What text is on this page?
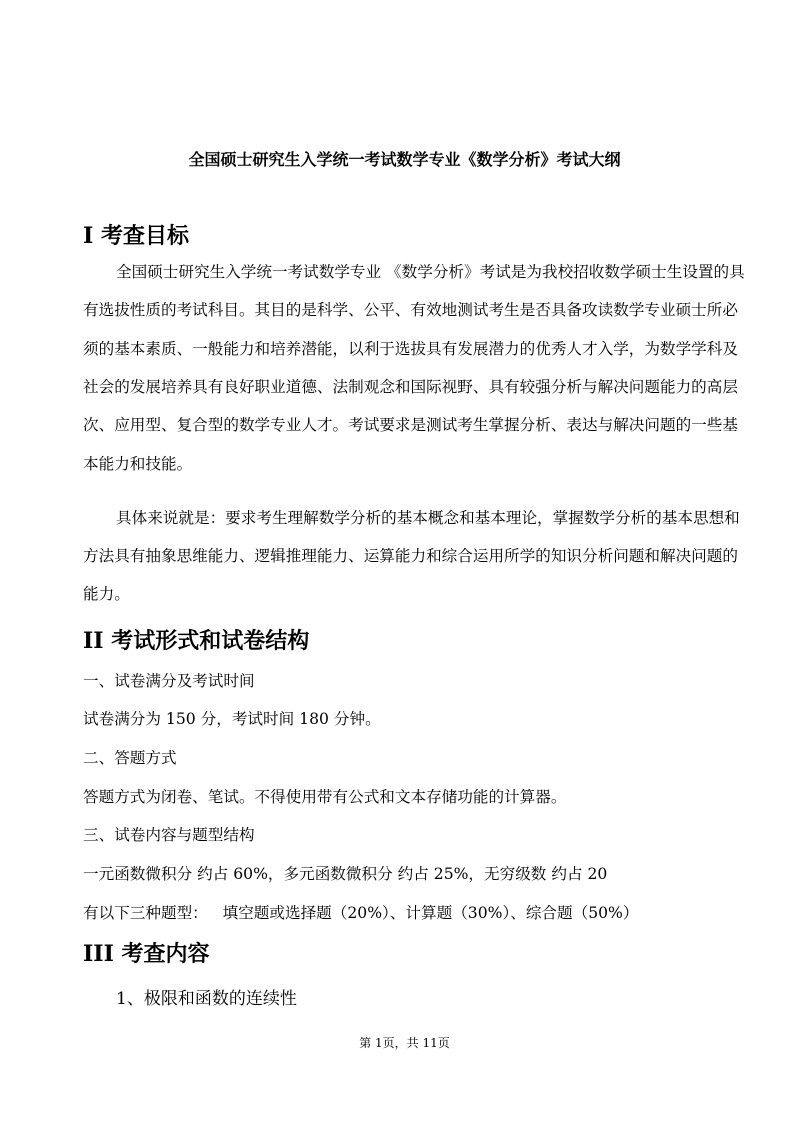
全国硕士研究生入学统一考试数学专业《数学分析》考试大纲
I 考查目标
全国硕士研究生入学统一考试数学专业 《数学分析》考试是为我校招收数学硕士生设置的具
有选拔性质的考试科目。其目的是科学、公平、有效地测试考生是否具备攻读数学专业硕士所必
须的基本素质、一般能力和培养潜能，以利于选拔具有发展潜力的优秀人才入学，为数学学科及
社会的发展培养具有良好职业道德、法制观念和国际视野、具有较强分析与解决问题能力的高层
次、应用型、复合型的数学专业人才。考试要求是测试考生掌握分析、表达与解决问题的一些基
本能力和技能。
具体来说就是：要求考生理解数学分析的基本概念和基本理论，掌握数学分析的基本思想和
方法具有抽象思维能力、逻辑推理能力、运算能力和综合运用所学的知识分析问题和解决问题的
能力。
II 考试形式和试卷结构
一、试卷满分及考试时间
试卷满分为 150 分，考试时间 180 分钟。
二、答题方式
答题方式为闭卷、笔试。不得使用带有公式和文本存储功能的计算器。
三、试卷内容与题型结构
一元函数微积分 约占 60%，多元函数微积分 约占 25%，无穷级数 约占 20
有以下三种题型：   填空题或选择题（20%）、计算题（30%）、综合题（50%）
III 考查内容
1、极限和函数的连续性
第 1页，共 11页
